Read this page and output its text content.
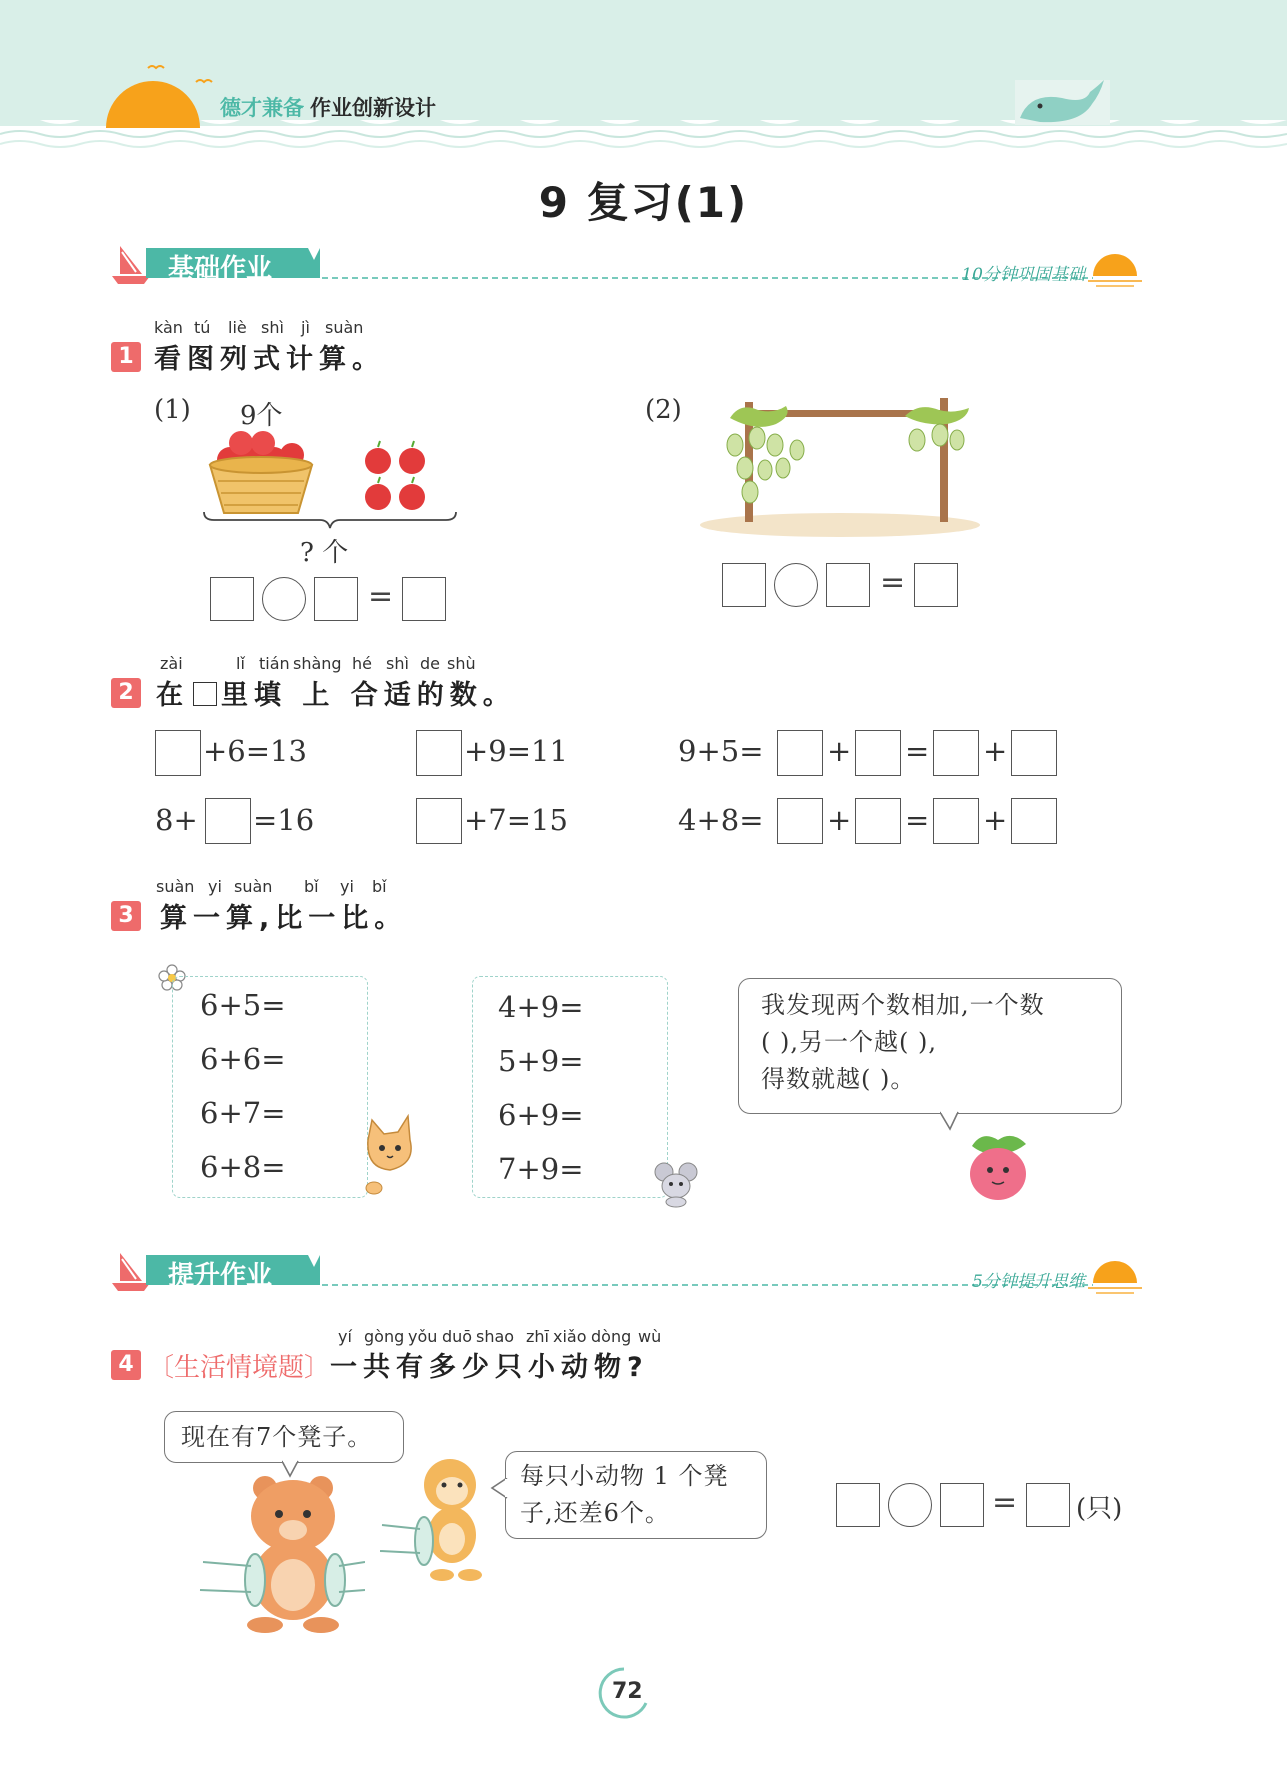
德才兼备 作业创新设计
9 复习(1)
基础作业	10分钟巩固基础
kàn tú liè shì jì suàn
1 看图列式计算。
(1) 9个
? 个
=
(2)
=
zài	lǐ tián shàng hé shì de shù
2 在 里填 上 合适的数。
+6=13	+9=11	9+5= + = +
8+ =16	+7=15	4+8= + = +
suàn yi suàn bǐ yi bǐ
3 算一算,比一比。
6+5=
6+6=
6+7=
6+8=
4+9=
5+9=
6+9=
7+9=
我发现两个数相加,一个数
( ),另一个越( ),
得数就越( )。
提升作业	5分钟提升思维
yí gòng yǒu duō shao zhī xiǎo dòng wù
4 〔生活情境题〕 一共有多少只小动物?
现在有7个凳子。
每只小动物 1 个凳
子,还差6个。	= (只)
72
